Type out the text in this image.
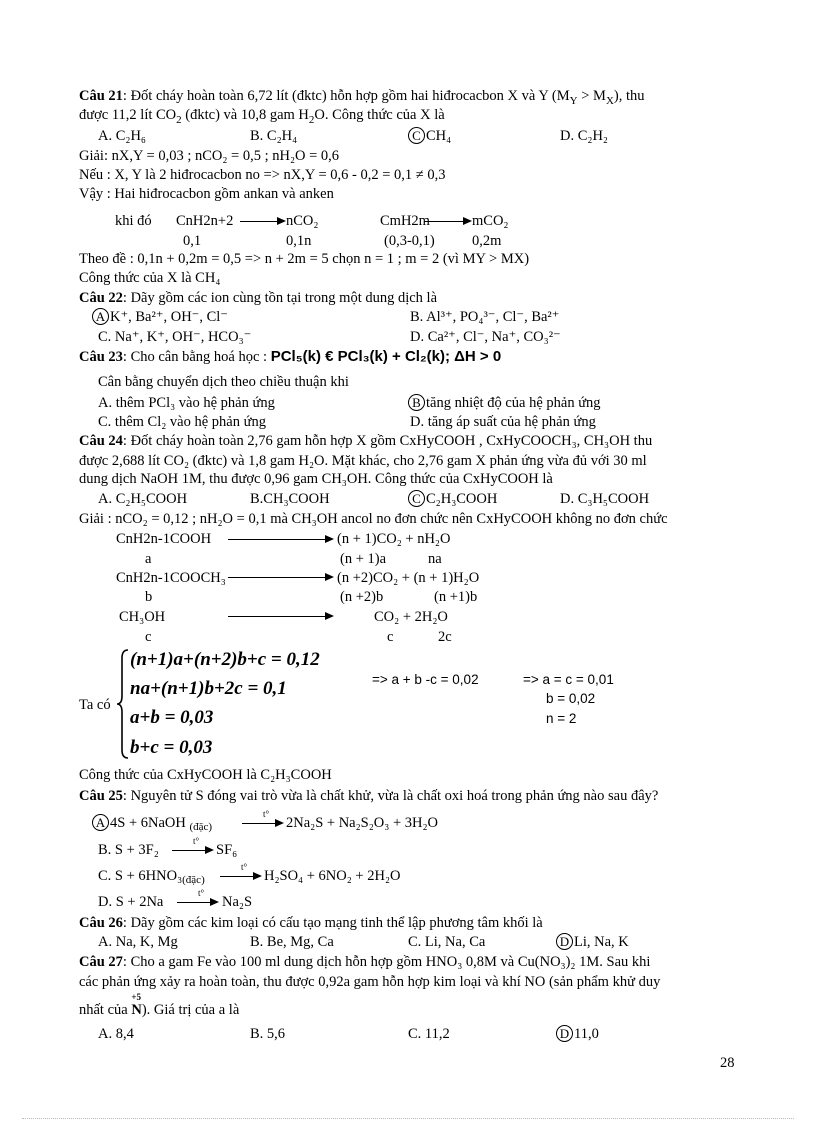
Câu 21: Đốt cháy hoàn toàn 6,72 lít (đktc) hỗn hợp gồm hai hiđrocacbon X và Y $(M_Y > M_X)$, thu
được 11,2 lít $CO_2$ (đktc) và 10,8 gam $H_2O$. Công thức của X là
A. C₂H₆	B. C₂H₄	C CH₄	D. C₂H₂
Giải: nX,Y = 0,03 ; nCO₂ = 0,5 ; nH₂O = 0,6
Nếu : X, Y là 2 hiđrocacbon no => nX,Y = 0,6 - 0,2 = 0,1 ≠ 0,3
Vậy : Hai hiđrocacbon gồm ankan và anken
khi đó CnH2n+2 → nCO₂	CmH2m → mCO₂
0,1	0,1n	(0,3-0,1)	0,2m
Theo đề : 0,1n + 0,2m = 0,5 => n + 2m = 5 chọn n = 1 ; m = 2 (vì MY > MX)
Công thức của X là CH₄
Câu 22: Dãy gồm các ion cùng tồn tại trong một dung dịch là
A K⁺, Ba²⁺, OH⁻, Cl⁻	B. Al³⁺, PO₄³⁻, Cl⁻, Ba²⁺
C. Na⁺, K⁺, OH⁻, HCO₃⁻	D. Ca²⁺, Cl⁻, Na⁺, CO₃²⁻
Câu 23: Cho cân bằng hoá học : PCl₅(k) € PCl₃(k) + Cl₂(k); ΔH > 0
Cân bằng chuyển dịch theo chiều thuận khi
A. thêm PCl₃ vào hệ phản ứng	B tăng nhiệt độ của hệ phản ứng
C. thêm Cl₂ vào hệ phản ứng	D. tăng áp suất của hệ phản ứng
Câu 24: Đốt cháy hoàn toàn 2,76 gam hỗn hợp X gồm CxHyCOOH , CxHyCOOCH₃, CH₃OH thu
được 2,688 lít CO₂ (đktc) và 1,8 gam H₂O. Mặt khác, cho 2,76 gam X phản ứng vừa đủ với 30 ml
dung dịch NaOH 1M, thu được 0,96 gam CH₃OH. Công thức của CxHyCOOH là
A. C₂H₅COOH	B.CH₃COOH	C C₂H₃COOH	D. C₃H₅COOH
Giải : nCO₂ = 0,12 ; nH₂O = 0,1 mà CH₃OH ancol no đơn chức nên CxHyCOOH không no đơn chức
CnH2n-1COOH	(n + 1)CO₂ + nH₂O
a	(n + 1)a	na
CnH2n-1COOCH₃	(n +2)CO₂ + (n + 1)H₂O
b	(n +2)b	(n +1)b
CH₃OH	CO₂ + 2H₂O
c	c	2c
Ta có
(n+1)a+(n+2)b+c = 0,12
na+(n+1)b+2c = 0,1
a+b = 0,03
b+c = 0,03
=> a + b -c = 0,02	=> a = c = 0,01
b = 0,02
n = 2
Công thức của CxHyCOOH là C₂H₃COOH
Câu 25: Nguyên tử S đóng vai trò vừa là chất khử, vừa là chất oxi hoá trong phản ứng nào sau đây?
A 4S + 6NaOH $_{(đặc)}$
t°
→ 2Na₂S + Na₂S₂O₃ + 3H₂O
B. S + 3F₂
t°
→ SF₆
C. $S + 6HNO_3_{(đặc)}$
t°
→ H₂SO₄ + 6NO₂ + 2H₂O
D. S + 2Na
t°
→ Na₂S
Câu 26: Dãy gồm các kim loại có cấu tạo mạng tinh thể lập phương tâm khối là
A. Na, K, Mg	B. Be, Mg, Ca	C. Li, Na, Ca	D Li, Na, K
Câu 27: Cho a gam Fe vào 100 ml dung dịch hỗn hợp gồm HNO₃ 0,8M và Cu(NO₃)₂ 1M. Sau khi
các phản ứng xảy ra hoàn toàn, thu được 0,92a gam hỗn hợp kim loại và khí NO (sản phẩm khử duy
nhất của
+5
N). Giá trị của a là
A. 8,4	B. 5,6	C. 11,2	D 11,0
28
